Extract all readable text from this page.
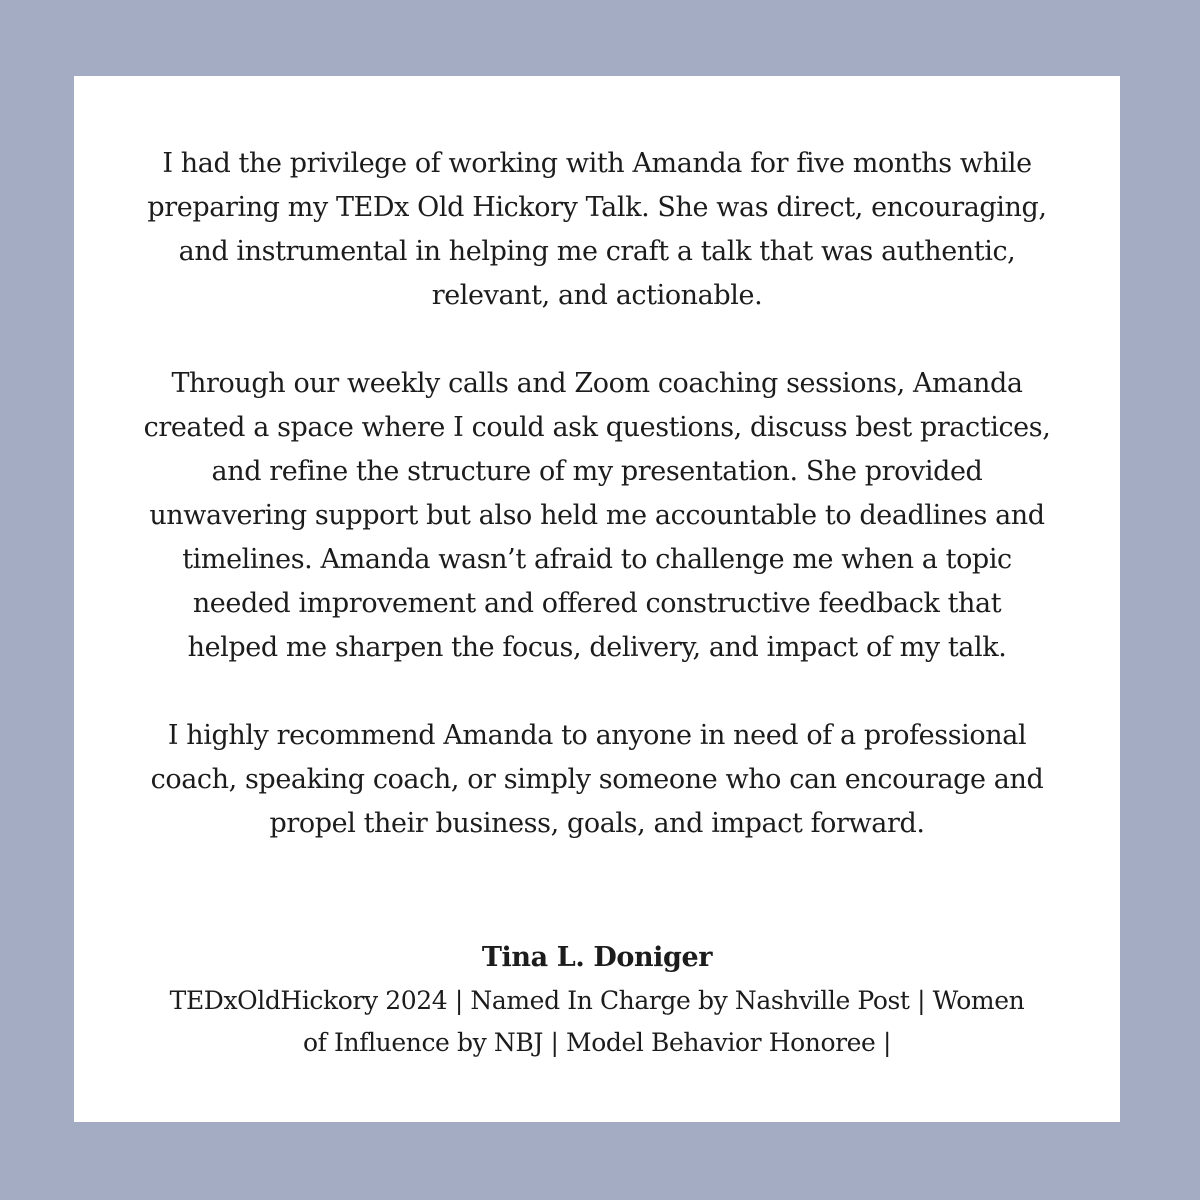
I had the privilege of working with Amanda for five months while
preparing my TEDx Old Hickory Talk. She was direct, encouraging,
and instrumental in helping me craft a talk that was authentic,
relevant, and actionable.

Through our weekly calls and Zoom coaching sessions, Amanda
created a space where I could ask questions, discuss best practices,
and refine the structure of my presentation. She provided
unwavering support but also held me accountable to deadlines and
timelines. Amanda wasn’t afraid to challenge me when a topic
needed improvement and offered constructive feedback that
helped me sharpen the focus, delivery, and impact of my talk.

I highly recommend Amanda to anyone in need of a professional
coach, speaking coach, or simply someone who can encourage and
propel their business, goals, and impact forward.

Tina L. Doniger
TEDxOldHickory 2024 | Named In Charge by Nashville Post | Women
of Influence by NBJ | Model Behavior Honoree |
